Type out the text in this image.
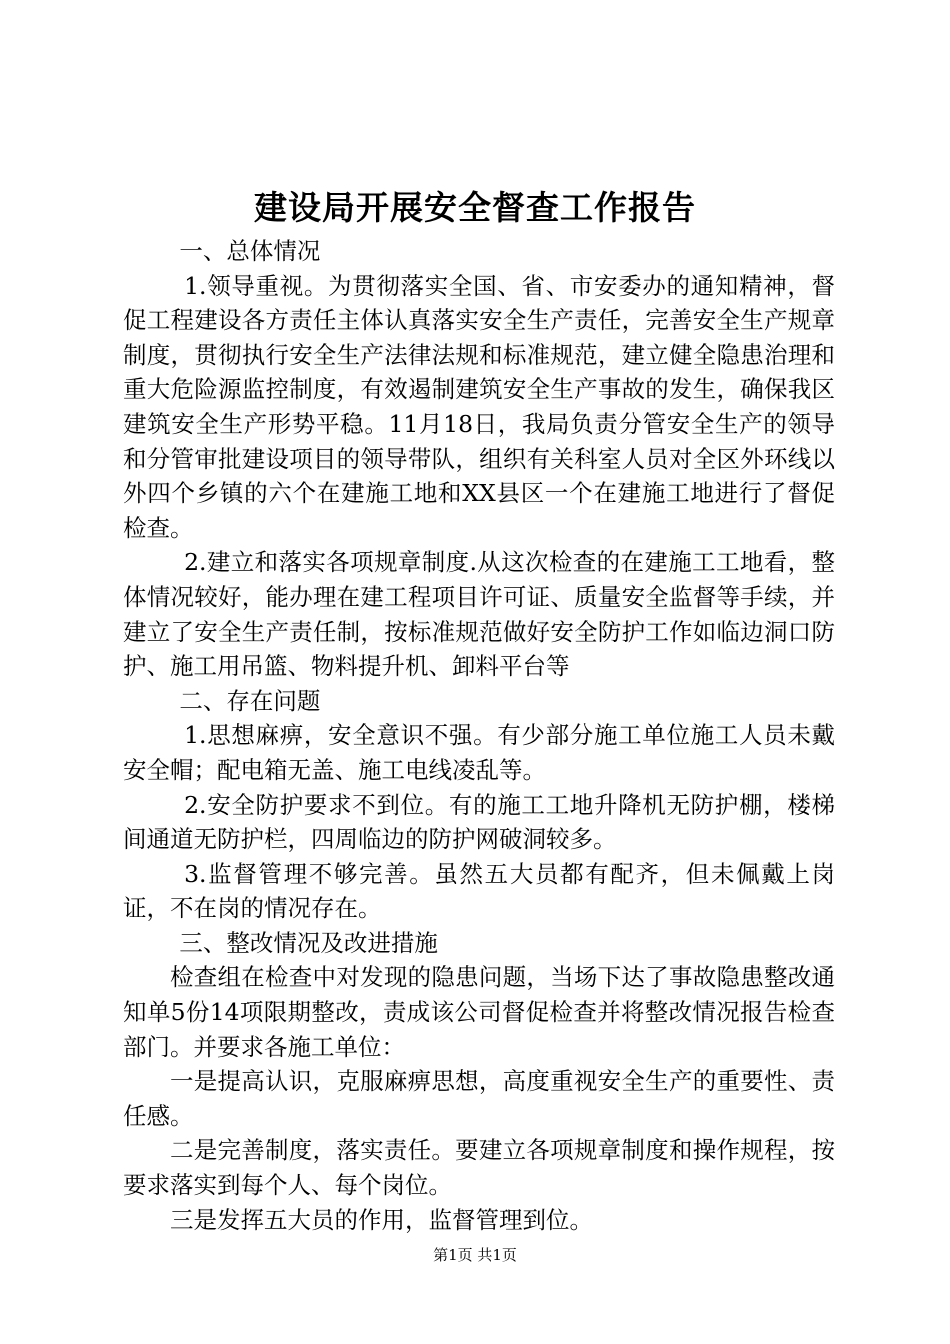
建设局开展安全督查工作报告

一、总体情况

1.领导重视。为贯彻落实全国、省、市安委办的通知精神，督促工程建设各方责任主体认真落实安全生产责任，完善安全生产规章制度，贯彻执行安全生产法律法规和标准规范，建立健全隐患治理和重大危险源监控制度，有效遏制建筑安全生产事故的发生，确保我区建筑安全生产形势平稳。11月18日，我局负责分管安全生产的领导和分管审批建设项目的领导带队，组织有关科室人员对全区外环线以外四个乡镇的六个在建施工地和XX县区一个在建施工地进行了督促检查。

2.建立和落实各项规章制度.从这次检查的在建施工工地看，整体情况较好，能办理在建工程项目许可证、质量安全监督等手续，并建立了安全生产责任制，按标准规范做好安全防护工作如临边洞口防护、施工用吊篮、物料提升机、卸料平台等

二、存在问题

1.思想麻痹，安全意识不强。有少部分施工单位施工人员未戴安全帽；配电箱无盖、施工电线凌乱等。

2.安全防护要求不到位。有的施工工地升降机无防护棚，楼梯间通道无防护栏，四周临边的防护网破洞较多。

3.监督管理不够完善。虽然五大员都有配齐，但未佩戴上岗证，不在岗的情况存在。

三、整改情况及改进措施

检查组在检查中对发现的隐患问题，当场下达了事故隐患整改通知单5份14项限期整改，责成该公司督促检查并将整改情况报告检查部门。并要求各施工单位：

一是提高认识，克服麻痹思想，高度重视安全生产的重要性、责任感。

二是完善制度，落实责任。要建立各项规章制度和操作规程，按要求落实到每个人、每个岗位。

三是发挥五大员的作用，监督管理到位。

第1页 共1页
